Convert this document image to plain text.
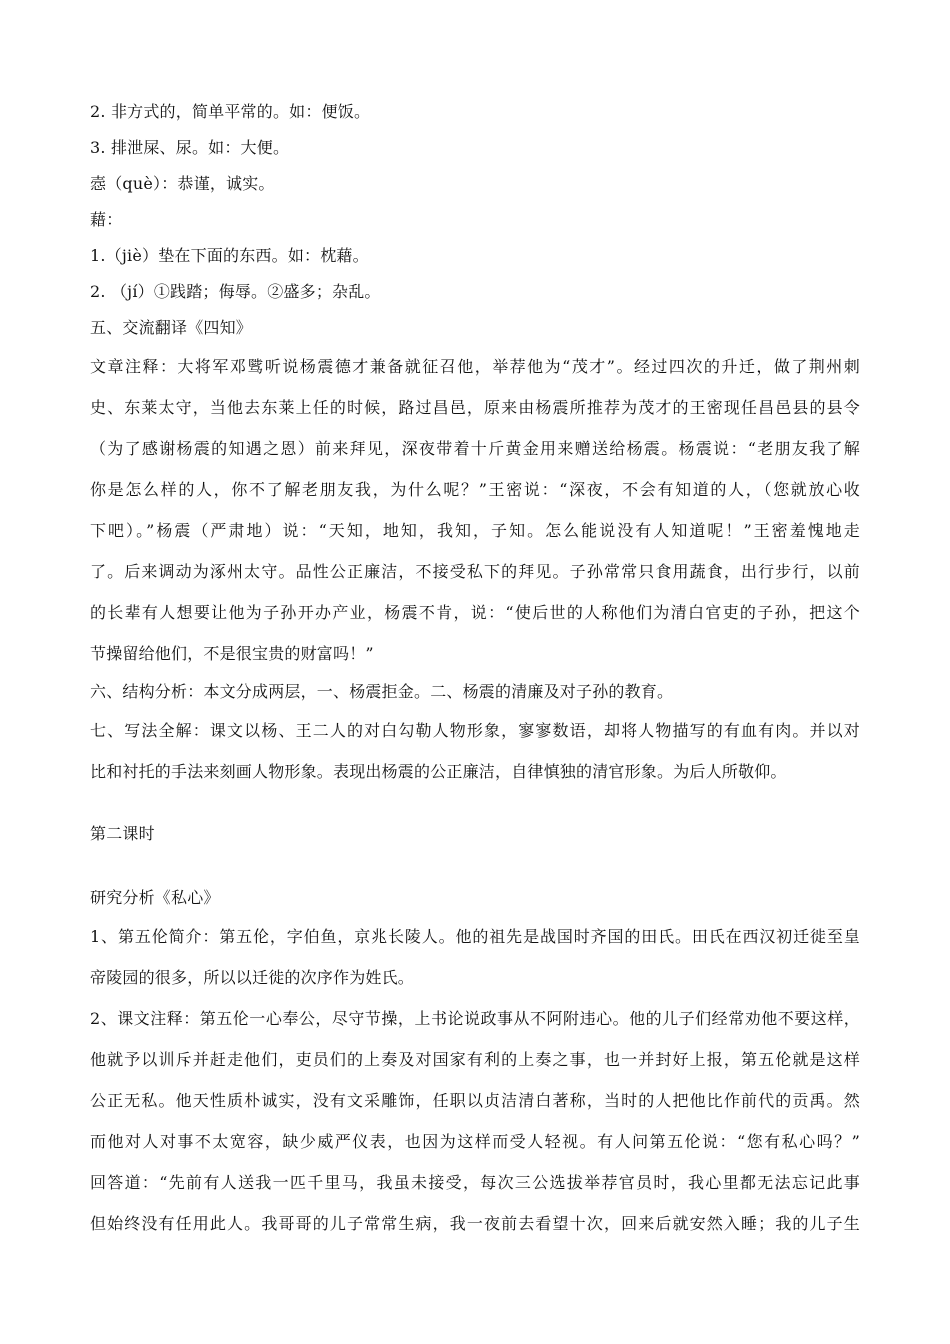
2. 非方式的，简单平常的。如：便饭。
3. 排泄屎、尿。如：大便。
悫（què）：恭谨，诚实。
藉：
1.（jiè）垫在下面的东西。如：枕藉。
2. （jí）①践踏；侮辱。②盛多；杂乱。
五、交流翻译《四知》
文章注释：大将军邓骘听说杨震德才兼备就征召他，举荐他为“茂才”。经过四次的升迁，做了荆州刺
史、东莱太守，当他去东莱上任的时候，路过昌邑，原来由杨震所推荐为茂才的王密现任昌邑县的县令
（为了感谢杨震的知遇之恩）前来拜见，深夜带着十斤黄金用来赠送给杨震。杨震说：“老朋友我了解
你是怎么样的人，你不了解老朋友我，为什么呢？”王密说：“深夜，不会有知道的人，（您就放心收
下吧）。”杨震（严肃地）说：“天知，地知，我知，子知。怎么能说没有人知道呢！”王密羞愧地走
了。后来调动为涿州太守。品性公正廉洁，不接受私下的拜见。子孙常常只食用蔬食，出行步行，以前
的长辈有人想要让他为子孙开办产业，杨震不肯，说：“使后世的人称他们为清白官吏的子孙，把这个
节操留给他们，不是很宝贵的财富吗！”
六、结构分析：本文分成两层，一、杨震拒金。二、杨震的清廉及对子孙的教育。
七、写法全解：课文以杨、王二人的对白勾勒人物形象，寥寥数语，却将人物描写的有血有肉。并以对
比和衬托的手法来刻画人物形象。表现出杨震的公正廉洁，自律慎独的清官形象。为后人所敬仰。
第二课时
研究分析《私心》
1、第五伦简介：第五伦，字伯鱼，京兆长陵人。他的祖先是战国时齐国的田氏。田氏在西汉初迁徙至皇
帝陵园的很多，所以以迁徙的次序作为姓氏。
2、课文注释：第五伦一心奉公，尽守节操，上书论说政事从不阿附违心。他的儿子们经常劝他不要这样，
他就予以训斥并赶走他们，吏员们的上奏及对国家有利的上奏之事，也一并封好上报，第五伦就是这样
公正无私。他天性质朴诚实，没有文采雕饰，任职以贞洁清白著称，当时的人把他比作前代的贡禹。然
而他对人对事不太宽容，缺少威严仪表，也因为这样而受人轻视。有人问第五伦说：“您有私心吗？”
回答道：“先前有人送我一匹千里马，我虽未接受，每次三公选拔举荐官员时，我心里都无法忘记此事
但始终没有任用此人。我哥哥的儿子常常生病，我一夜前去看望十次，回来后就安然入睡；我的儿子生
